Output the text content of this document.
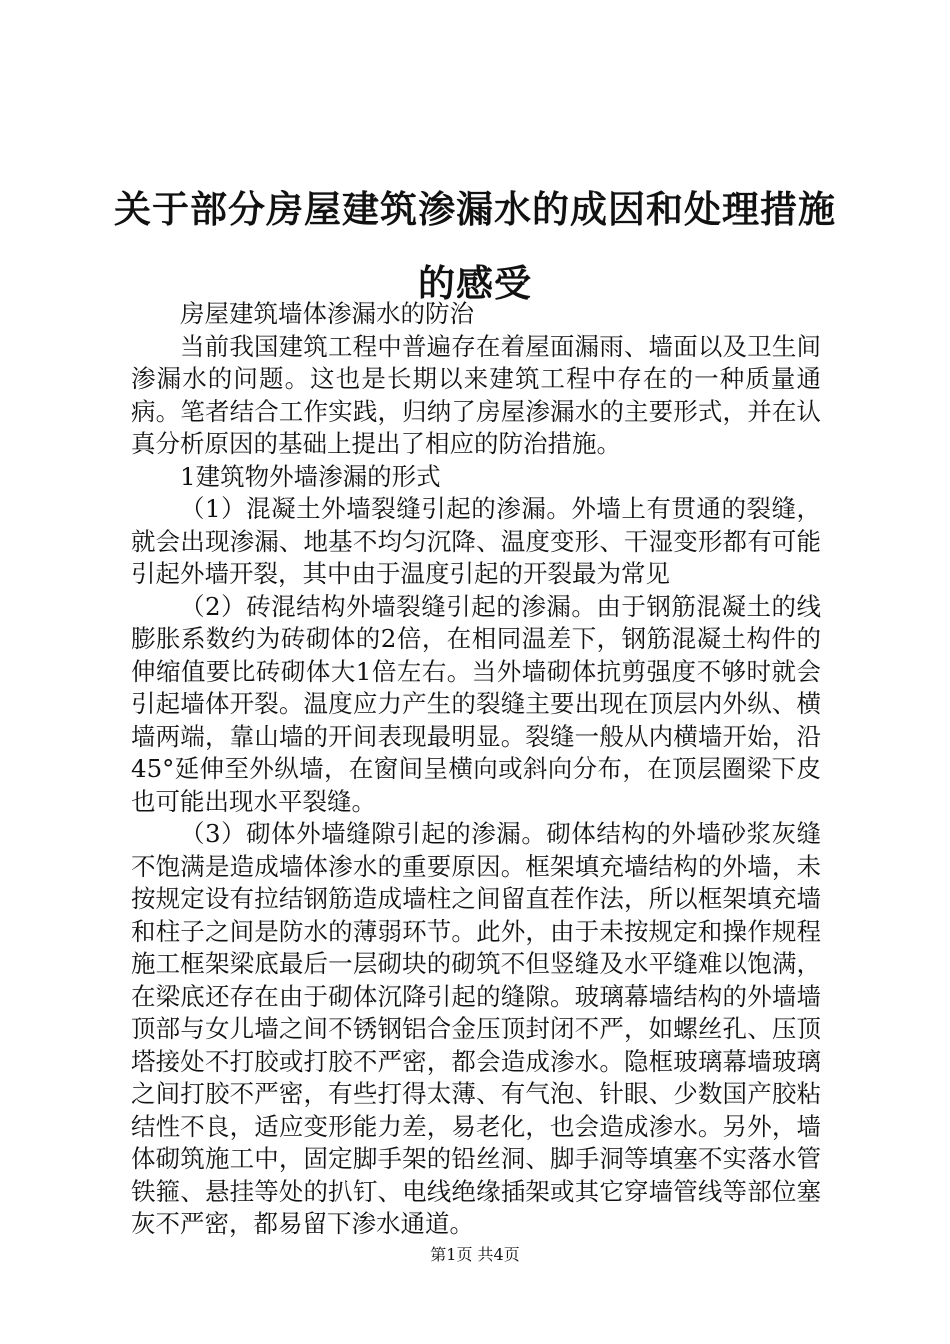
关于部分房屋建筑渗漏水的成因和处理措施的感受

房屋建筑墙体渗漏水的防治

当前我国建筑工程中普遍存在着屋面漏雨、墙面以及卫生间渗漏水的问题。这也是长期以来建筑工程中存在的一种质量通病。笔者结合工作实践，归纳了房屋渗漏水的主要形式，并在认真分析原因的基础上提出了相应的防治措施。

1建筑物外墙渗漏的形式

（1）混凝土外墙裂缝引起的渗漏。外墙上有贯通的裂缝，就会出现渗漏、地基不均匀沉降、温度变形、干湿变形都有可能引起外墙开裂，其中由于温度引起的开裂最为常见

（2）砖混结构外墙裂缝引起的渗漏。由于钢筋混凝土的线膨胀系数约为砖砌体的2倍，在相同温差下，钢筋混凝土构件的伸缩值要比砖砌体大1倍左右。当外墙砌体抗剪强度不够时就会引起墙体开裂。温度应力产生的裂缝主要出现在顶层内外纵、横墙两端，靠山墙的开间表现最明显。裂缝一般从内横墙开始，沿45°延伸至外纵墙，在窗间呈横向或斜向分布，在顶层圈梁下皮也可能出现水平裂缝。

（3）砌体外墙缝隙引起的渗漏。砌体结构的外墙砂浆灰缝不饱满是造成墙体渗水的重要原因。框架填充墙结构的外墙，未按规定设有拉结钢筋造成墙柱之间留直茬作法，所以框架填充墙和柱子之间是防水的薄弱环节。此外，由于未按规定和操作规程施工框架梁底最后一层砌块的砌筑不但竖缝及水平缝难以饱满，在梁底还存在由于砌体沉降引起的缝隙。玻璃幕墙结构的外墙墙顶部与女儿墙之间不锈钢铝合金压顶封闭不严，如螺丝孔、压顶塔接处不打胶或打胶不严密，都会造成渗水。隐框玻璃幕墙玻璃之间打胶不严密，有些打得太薄、有气泡、针眼、少数国产胶粘结性不良，适应变形能力差，易老化，也会造成渗水。另外，墙体砌筑施工中，固定脚手架的铅丝洞、脚手洞等填塞不实落水管铁箍、悬挂等处的扒钉、电线绝缘插架或其它穿墙管线等部位塞灰不严密，都易留下渗水通道。

第1页 共4页
